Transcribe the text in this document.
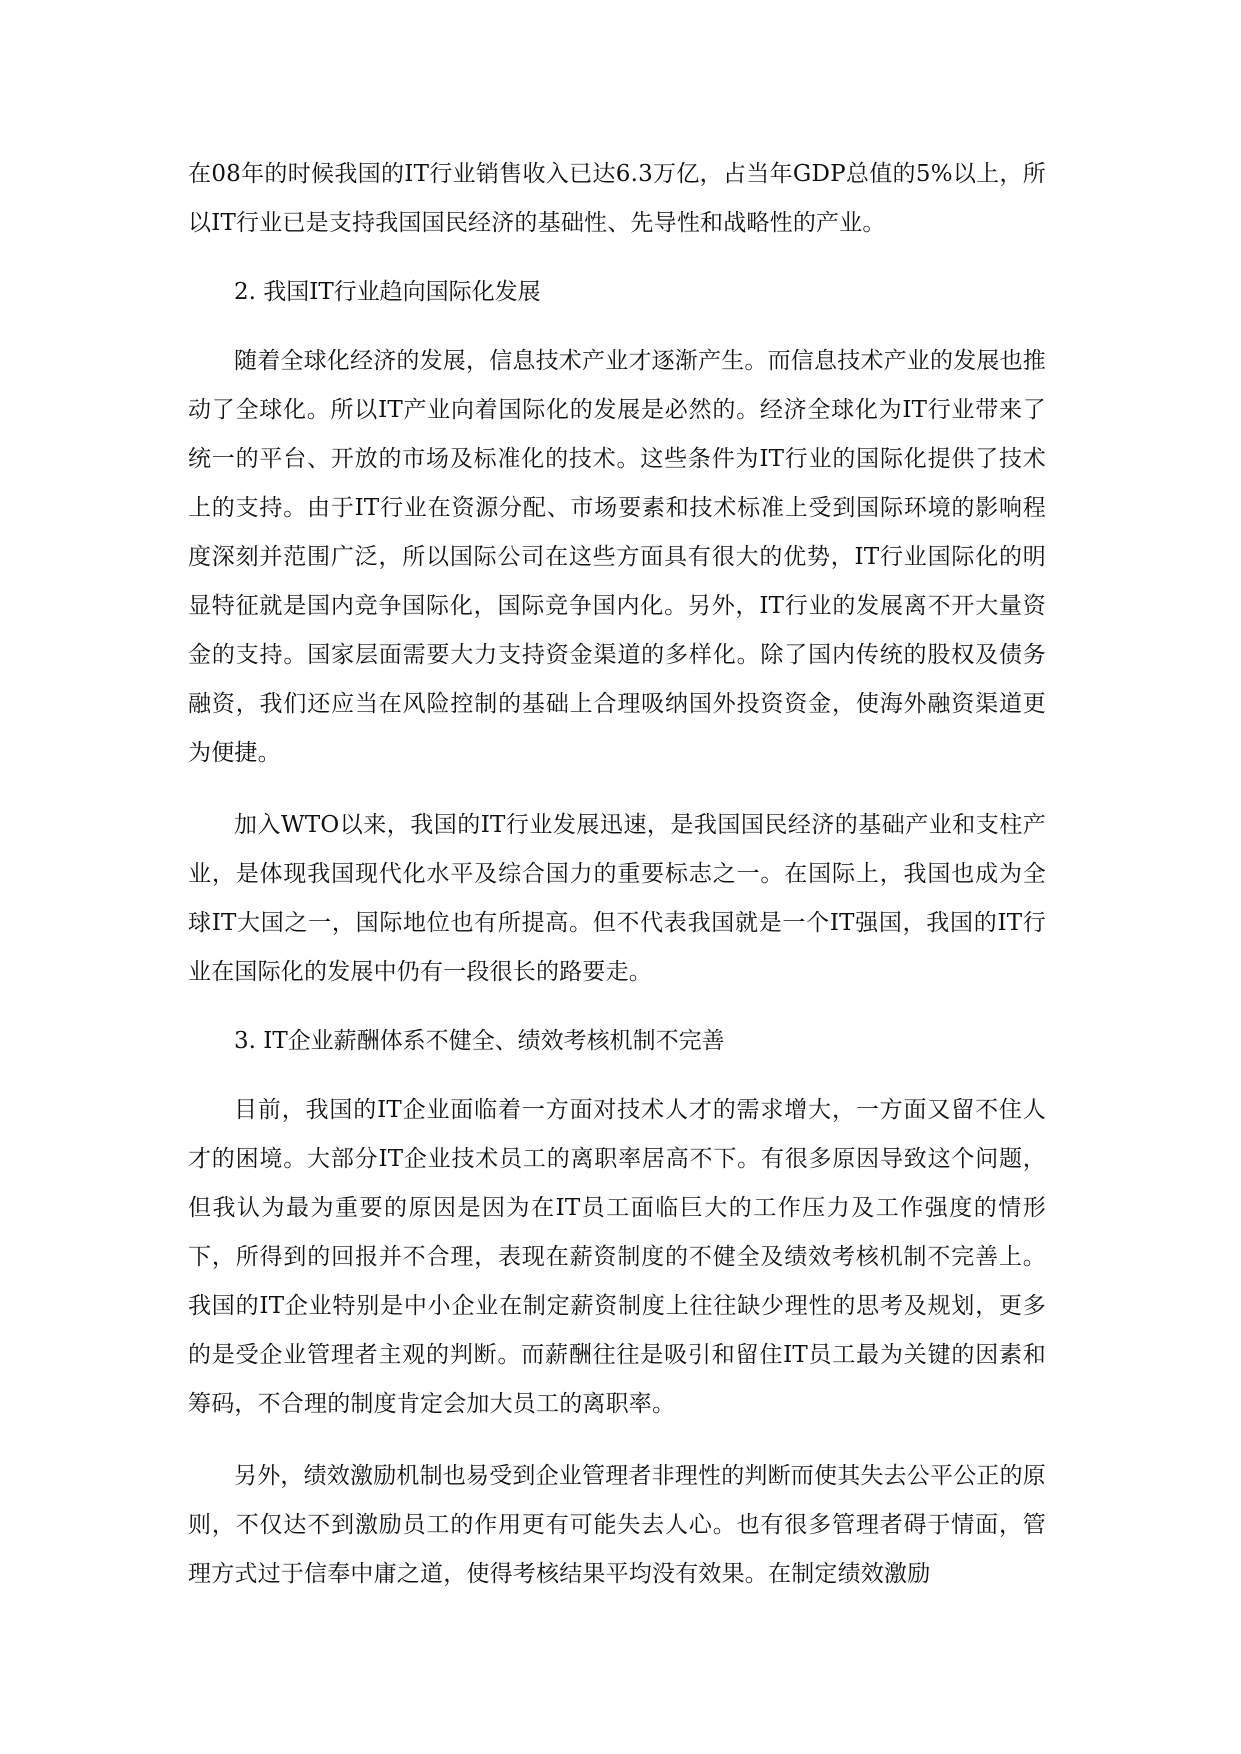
在08年的时候我国的IT行业销售收入已达6.3万亿，占当年GDP总值的5%以上，所以IT行业已是支持我国国民经济的基础性、先导性和战略性的产业。

2. 我国IT行业趋向国际化发展

随着全球化经济的发展，信息技术产业才逐渐产生。而信息技术产业的发展也推动了全球化。所以IT产业向着国际化的发展是必然的。经济全球化为IT行业带来了统一的平台、开放的市场及标准化的技术。这些条件为IT行业的国际化提供了技术上的支持。由于IT行业在资源分配、市场要素和技术标准上受到国际环境的影响程度深刻并范围广泛，所以国际公司在这些方面具有很大的优势，IT行业国际化的明显特征就是国内竞争国际化，国际竞争国内化。另外，IT行业的发展离不开大量资金的支持。国家层面需要大力支持资金渠道的多样化。除了国内传统的股权及债务融资，我们还应当在风险控制的基础上合理吸纳国外投资资金，使海外融资渠道更为便捷。

加入WTO以来，我国的IT行业发展迅速，是我国国民经济的基础产业和支柱产业，是体现我国现代化水平及综合国力的重要标志之一。在国际上，我国也成为全球IT大国之一，国际地位也有所提高。但不代表我国就是一个IT强国，我国的IT行业在国际化的发展中仍有一段很长的路要走。

3. IT企业薪酬体系不健全、绩效考核机制不完善

目前，我国的IT企业面临着一方面对技术人才的需求增大，一方面又留不住人才的困境。大部分IT企业技术员工的离职率居高不下。有很多原因导致这个问题，但我认为最为重要的原因是因为在IT员工面临巨大的工作压力及工作强度的情形下，所得到的回报并不合理，表现在薪资制度的不健全及绩效考核机制不完善上。我国的IT企业特别是中小企业在制定薪资制度上往往缺少理性的思考及规划，更多的是受企业管理者主观的判断。而薪酬往往是吸引和留住IT员工最为关键的因素和筹码，不合理的制度肯定会加大员工的离职率。

另外，绩效激励机制也易受到企业管理者非理性的判断而使其失去公平公正的原则，不仅达不到激励员工的作用更有可能失去人心。也有很多管理者碍于情面，管理方式过于信奉中庸之道，使得考核结果平均没有效果。在制定绩效激励
